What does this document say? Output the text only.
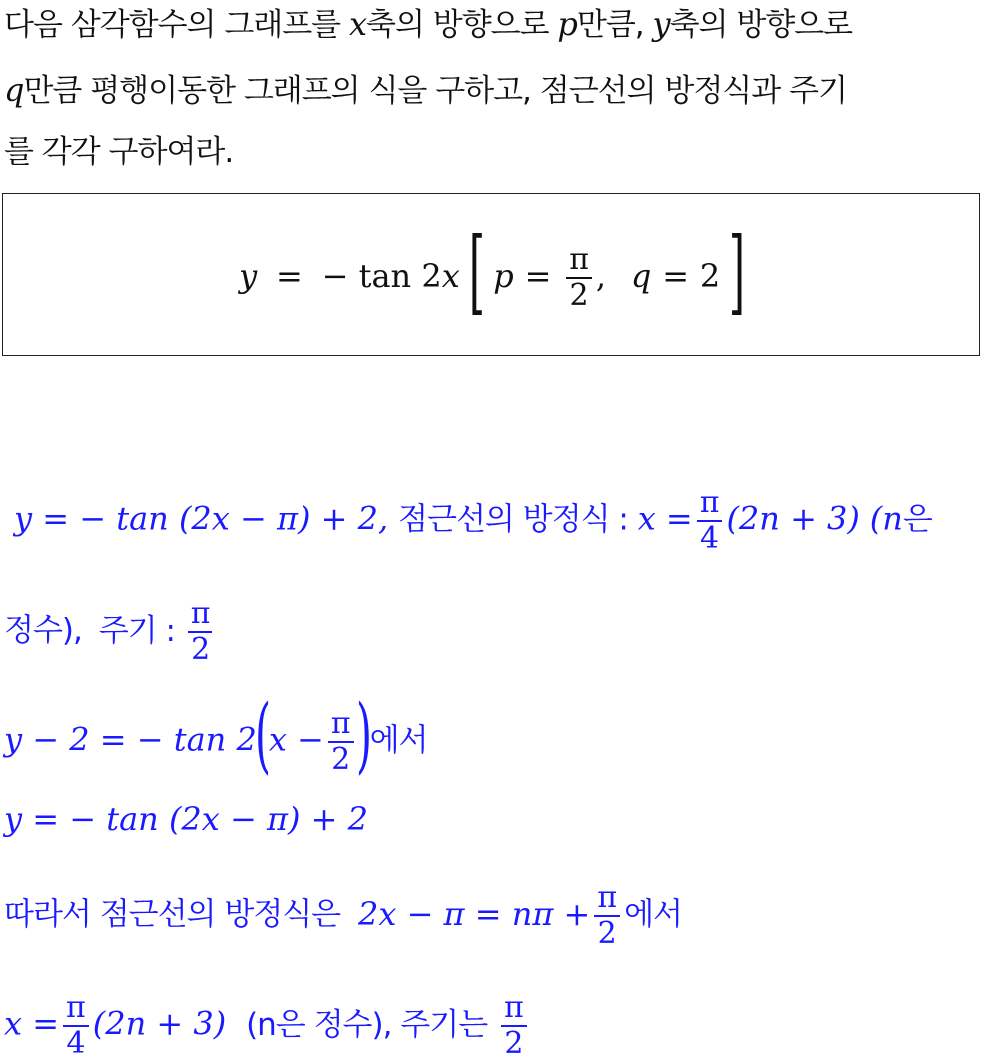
다음 삼각함수의 그래프를 x축의 방향으로 p만큼, y축의 방향으로
q만큼 평행이동한 그래프의 식을 구하고, 점근선의 방정식과 주기
를 각각 구하여라.
y = − tan 2x [ $p = \frac{\pi}{2}$ , q = 2 ]
y = − tan (2x − π) + 2, 점근선의 방정식 : $x = \frac{\pi}{4} (2n + 3)$ (n은
정수), 주기 : $\frac{\pi}{2}$
y − 2 = − $\tan 2(x - \frac{\pi}{2}$ )에서
y = − tan (2x − π) + 2
따라서 점근선의 방정식은 $2x - \pi = n\pi + \frac{\pi}{2}$ 에서
$x = \frac{\pi}{4} (2n + 3)$ (n은 정수), 주기는 $\frac{\pi}{2}$
